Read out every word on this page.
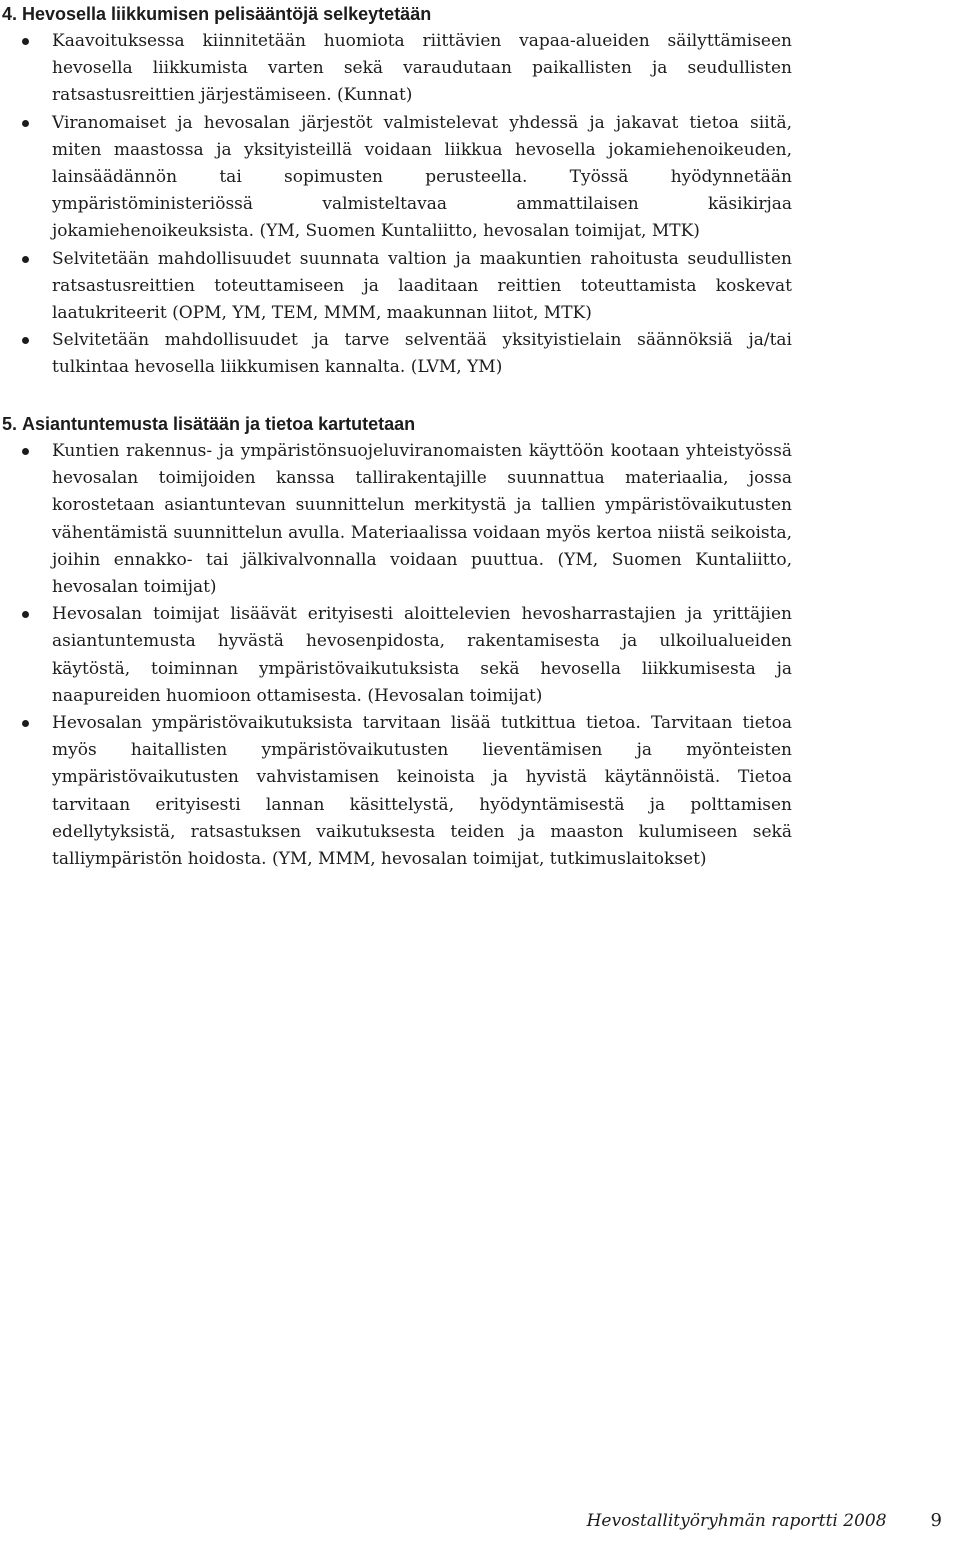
4. Hevosella liikkumisen pelisääntöjä selkeytetään
Kaavoituksessa kiinnitetään huomiota riittävien vapaa-alueiden säilyttämiseen hevosella liikkumista varten sekä varaudutaan paikallisten ja seudullisten ratsastusreittien järjestämiseen. (Kunnat)
Viranomaiset ja hevosalan järjestöt valmistelevat yhdessä ja jakavat tietoa siitä, miten maastossa ja yksityisteillä voidaan liikkua hevosella jokamiehenoikeuden, lainsäädännön tai sopimusten perusteella. Työssä hyödynnetään ympäristöministeriössä valmisteltavaa ammattilaisen käsikirjaa jokamiehenoikeuksista. (YM, Suomen Kuntaliitto, hevosalan toimijat, MTK)
Selvitetään mahdollisuudet suunnata valtion ja maakuntien rahoitusta seudullisten ratsastusreittien toteuttamiseen ja laaditaan reittien toteuttamista koskevat laatukriteerit (OPM, YM, TEM, MMM, maakunnan liitot, MTK)
Selvitetään mahdollisuudet ja tarve selventää yksityistielain säännöksiä ja/tai tulkintaa hevosella liikkumisen kannalta. (LVM, YM)
5. Asiantuntemusta lisätään ja tietoa kartutetaan
Kuntien rakennus- ja ympäristönsuojeluviranomaisten käyttöön kootaan yhteistyössä hevosalan toimijoiden kanssa tallirakentajille suunnattua materiaalia, jossa korostetaan asiantuntevan suunnittelun merkitystä ja tallien ympäristövaikutusten vähentämistä suunnittelun avulla. Materiaalissa voidaan myös kertoa niistä seikoista, joihin ennakko- tai jälkivalvonnalla voidaan puuttua. (YM, Suomen Kuntaliitto, hevosalan toimijat)
Hevosalan toimijat lisäävät erityisesti aloittelevien hevosharrastajien ja yrittäjien asiantuntemusta hyvästä hevosenpidosta, rakentamisesta ja ulkoilualueiden käytöstä, toiminnan ympäristövaikutuksista sekä hevosella liikkumisesta ja naapureiden huomioon ottamisesta. (Hevosalan toimijat)
Hevosalan ympäristövaikutuksista tarvitaan lisää tutkittua tietoa. Tarvitaan tietoa myös haitallisten ympäristövaikutusten lieventämisen ja myönteisten ympäristövaikutusten vahvistamisen keinoista ja hyvistä käytännöistä. Tietoa tarvitaan erityisesti lannan käsittelystä, hyödyntämisestä ja polttamisen edellytyksistä, ratsastuksen vaikutuksesta teiden ja maaston kulumiseen sekä talliympäristön hoidosta. (YM, MMM, hevosalan toimijat, tutkimuslaitokset)
Hevostallityöryhmän raportti 2008 9
